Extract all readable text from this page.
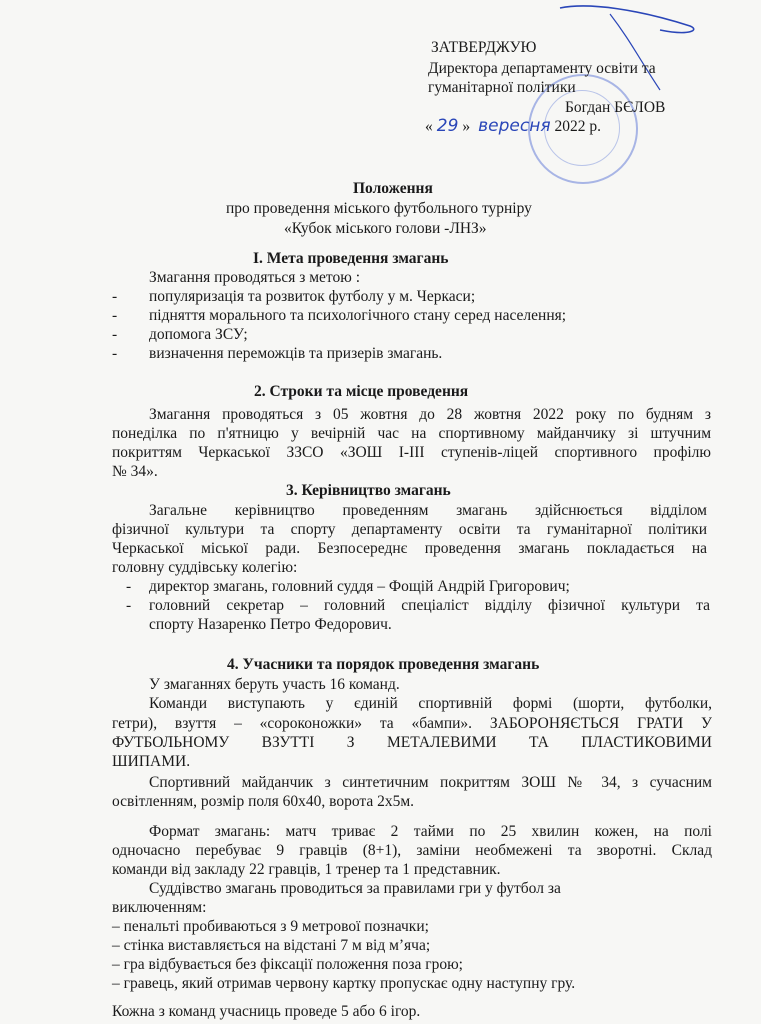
ЗАТВЕРДЖУЮ
Директора департаменту освіти та
гуманітарної політики
Богдан БЄЛОВ
« 29 » вересня 2022 р.
Положення
про проведення міського футбольного турніру
«Кубок міського голови -ЛНЗ»
І. Мета проведення змагань
Змагання проводяться з метою :
- популяризація та розвиток футболу у м. Черкаси;
- підняття морального та психологічного стану серед населення;
- допомога ЗСУ;
- визначення переможців та призерів змагань.
2. Строки та місце проведення
Змагання проводяться з 05 жовтня до 28 жовтня 2022 року по будням з
понеділка по п'ятницю у вечірній час на спортивному майданчику зі штучним
покриттям Черкаської ЗЗСО «ЗОШ І-ІІІ ступенів-ліцей спортивного профілю
№ 34».
3. Керівництво змагань
Загальне керівництво проведенням змагань здійснюється відділом
фізичної культури та спорту департаменту освіти та гуманітарної політики
Черкаської міської ради. Безпосереднє проведення змагань покладається на
головну суддівську колегію:
- директор змагань, головний суддя – Фощій Андрій Григорович;
- головний секретар – головний спеціаліст відділу фізичної культури та
спорту Назаренко Петро Федорович.
4. Учасники та порядок проведення змагань
У змаганнях беруть участь 16 команд.
Команди виступають у єдиній спортивній формі (шорти, футболки,
гетри), взуття – «сороконожки» та «бампи». ЗАБОРОНЯЄТЬСЯ ГРАТИ У
ФУТБОЛЬНОМУ ВЗУТТІ З МЕТАЛЕВИМИ ТА ПЛАСТИКОВИМИ
ШИПАМИ.
Спортивний майданчик з синтетичним покриттям ЗОШ № 34, з сучасним
освітленням, розмір поля 60х40, ворота 2х5м.
Формат змагань: матч триває 2 тайми по 25 хвилин кожен, на полі
одночасно перебуває 9 гравців (8+1), заміни необмежені та зворотні. Склад
команди від закладу 22 гравців, 1 тренер та 1 представник.
Суддівство змагань проводиться за правилами гри у футбол за
виключенням:
– пенальті пробиваються з 9 метрової позначки;
– стінка виставляється на відстані 7 м від м’яча;
– гра відбувається без фіксації положення поза грою;
– гравець, який отримав червону картку пропускає одну наступну гру.
Кожна з команд учасниць проведе 5 або 6 ігор.
